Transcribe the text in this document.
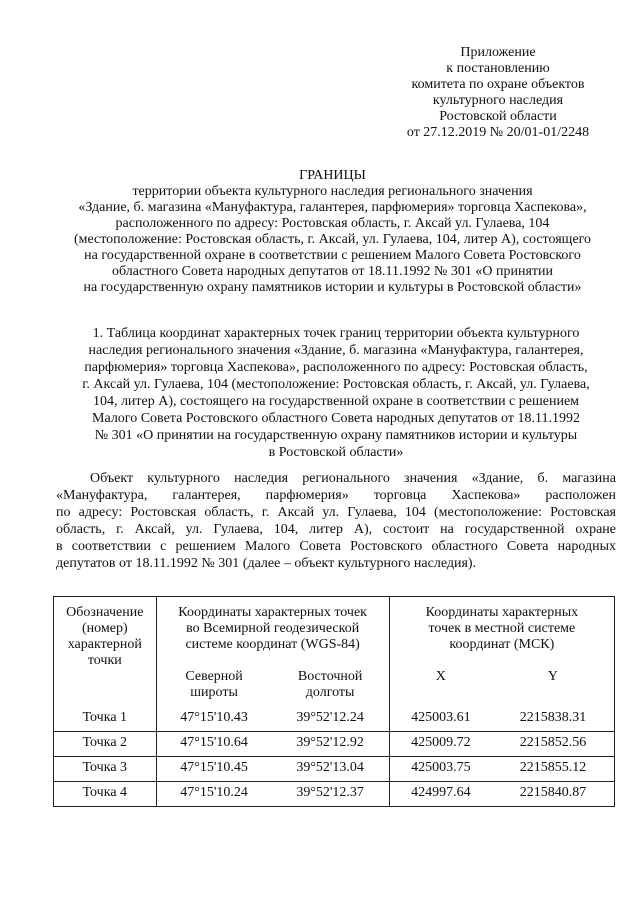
Приложение
к постановлению
комитета по охране объектов
культурного наследия
Ростовской области
от 27.12.2019 № 20/01-01/2248
ГРАНИЦЫ
территории объекта культурного наследия регионального значения
«Здание, б. магазина «Мануфактура, галантерея, парфюмерия» торговца Хаспекова»,
расположенного по адресу: Ростовская область, г. Аксай ул. Гулаева, 104
(местоположение: Ростовская область, г. Аксай, ул. Гулаева, 104, литер А), состоящего
на государственной охране в соответствии с решением Малого Совета Ростовского
областного Совета народных депутатов от 18.11.1992 № 301 «О принятии
на государственную охрану памятников истории и культуры в Ростовской области»
1. Таблица координат характерных точек границ территории объекта культурного
наследия регионального значения «Здание, б. магазина «Мануфактура, галантерея,
парфюмерия» торговца Хаспекова», расположенного по адресу: Ростовская область,
г. Аксай ул. Гулаева, 104 (местоположение: Ростовская область, г. Аксай, ул. Гулаева,
104, литер А), состоящего на государственной охране в соответствии с решением
Малого Совета Ростовского областного Совета народных депутатов от 18.11.1992
№ 301 «О принятии на государственную охрану памятников истории и культуры
в Ростовской области»
Объект культурного наследия регионального значения «Здание, б. магазина
«Мануфактура, галантерея, парфюмерия» торговца Хаспекова» расположен
по адресу: Ростовская область, г. Аксай ул. Гулаева, 104 (местоположение: Ростовская
область, г. Аксай, ул. Гулаева, 104, литер А), состоит на государственной охране
в соответствии с решением Малого Совета Ростовского областного Совета народных
депутатов от 18.11.1992 № 301 (далее – объект культурного наследия).
Обозначение (номер) характерной точки	Координаты характерных точек во Всемирной геодезической системе координат (WGS-84)		Координаты характерных точек в местной системе координат (МСК)	
	Северной широты	Восточной долготы	X	Y
Точка 1	47°15'10.43	39°52'12.24	425003.61	2215838.31
Точка 2	47°15'10.64	39°52'12.92	425009.72	2215852.56
Точка 3	47°15'10.45	39°52'13.04	425003.75	2215855.12
Точка 4	47°15'10.24	39°52'12.37	424997.64	2215840.87
